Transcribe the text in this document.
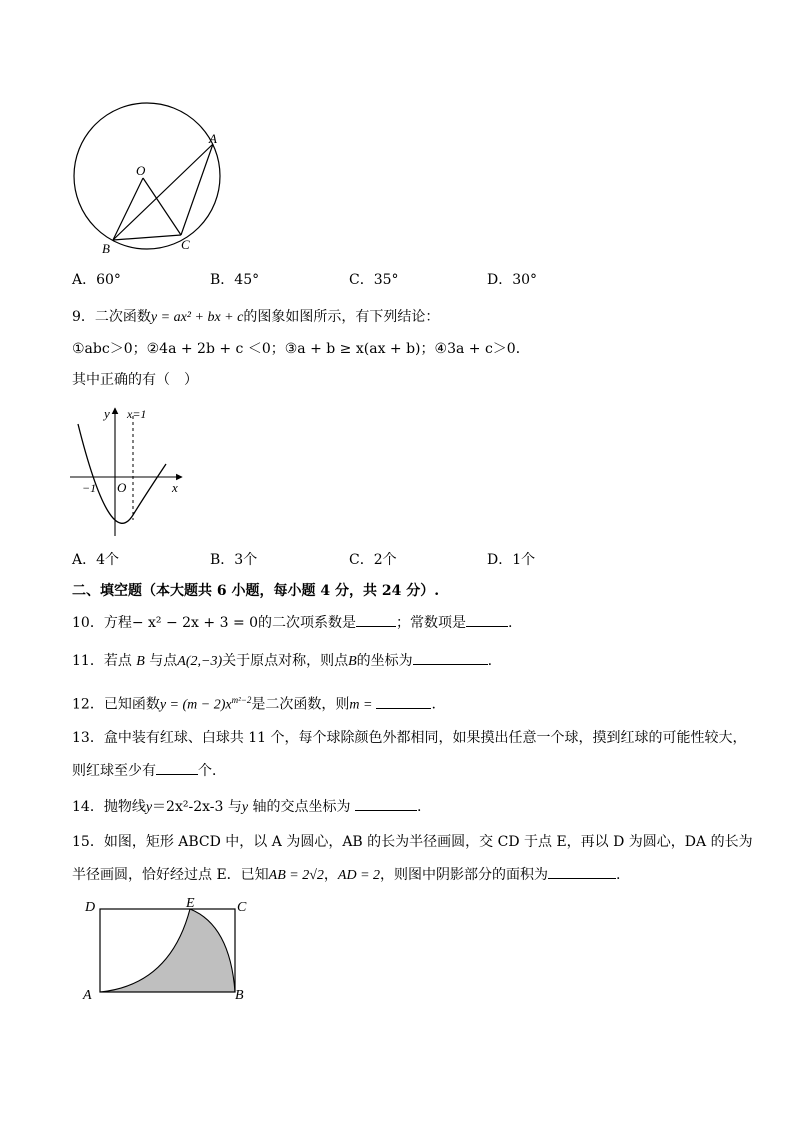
O
A
B	C
A．60°	B．45°	C．35°	D．30°
9．二次函数y = ax² + bx + c的图象如图所示，有下列结论：
①abc＞0；②4a + 2b + c ＜0；③a + b ≥ x(ax + b)；④3a + c＞0．
其中正确的有（　）
y x=1
x
−1 O
A．4个	B．3个	C．2个	D．1个
二、填空题（本大题共 6 小题，每小题 4 分，共 24 分）.
10．方程− x² − 2x + 3 = 0的二次项系数是	；常数项是	.
11．若点 B 与点A(2,−3)关于原点对称，则点B的坐标为	.
12．已知函数$y = (m - 2)x^{m^2-2}$是二次函数，则m =	.
13．盒中装有红球、白球共 11 个，每个球除颜色外都相同，如果摸出任意一个球，摸到红球的可能性较大，
则红球至少有	个．
14．抛物线y＝2x²-2x-3 与y 轴的交点坐标为	.
15．如图，矩形 ABCD 中，以 A 为圆心，AB 的长为半径画圆，交 CD 于点 E，再以 D 为圆心，DA 的长为
半径画圆，恰好经过点 E．已知AB = 2√2，AD = 2，则图中阴影部分的面积为	.
D	E	C
A	B
